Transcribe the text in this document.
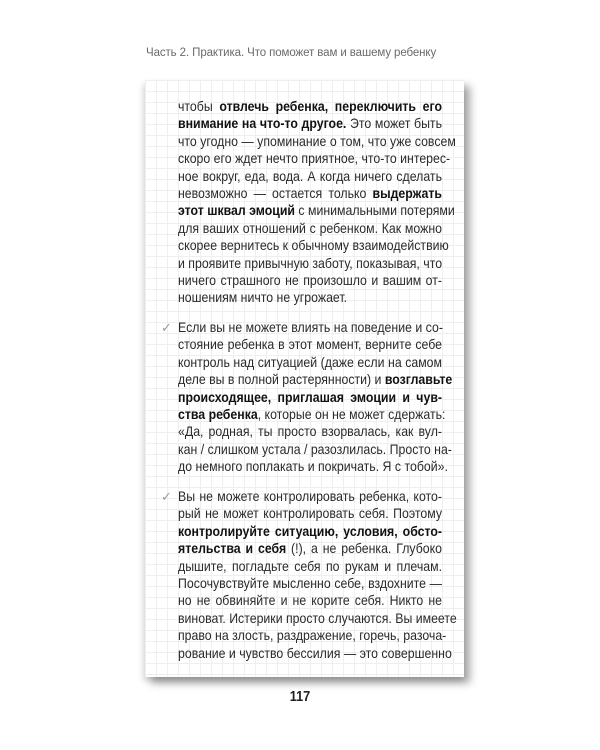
Часть 2. Практика. Что поможет вам и вашему ребенку
чтобы отвлечь ребенка, переключить его
внимание на что-то другое. Это может быть
что угодно — упоминание о том, что уже совсем
скоро его ждет нечто приятное, что-то интерес-
ное вокруг, еда, вода. А когда ничего сделать
невозможно — остается только выдержать
этот шквал эмоций с минимальными потерями
для ваших отношений с ребенком. Как можно
скорее вернитесь к обычному взаимодействию
и проявите привычную заботу, показывая, что
ничего страшного не произошло и вашим от-
ношениям ничто не угрожает.
✓ Если вы не можете влиять на поведение и со-
стояние ребенка в этот момент, верните себе
контроль над ситуацией (даже если на самом
деле вы в полной растерянности) и возглавьте
происходящее, приглашая эмоции и чув-
ства ребенка, которые он не может сдержать:
«Да, родная, ты просто взорвалась, как вул-
кан / слишком устала / разозлилась. Просто на-
до немного поплакать и покричать. Я с тобой».
✓ Вы не можете контролировать ребенка, кото-
рый не может контролировать себя. Поэтому
контролируйте ситуацию, условия, обсто-
ятельства и себя (!), а не ребенка. Глубоко
дышите, погладьте себя по рукам и плечам.
Посочувствуйте мысленно себе, вздохните —
но не обвиняйте и не корите себя. Никто не
виноват. Истерики просто случаются. Вы имеете
право на злость, раздражение, горечь, разоча-
рование и чувство бессилия — это совершенно
117
